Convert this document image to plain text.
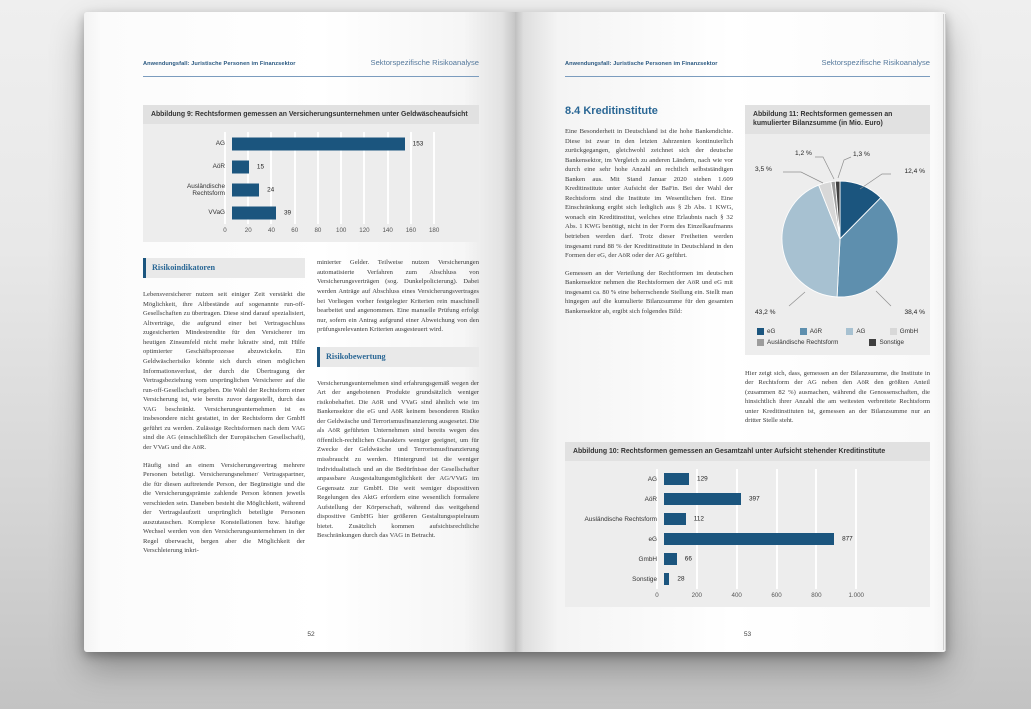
Anwendungsfall: Juristische Personen im Finanzsektor	Sektorspezifische Risikoanalyse
Abbildung 9: Rechtsformen gemessen an Versicherungsunternehmen unter Geldwäscheaufsicht
AG	153
AöR	15
Ausländische Rechtsform	24
VVaG	39
0	20	40	60	80 100 120 140 160 180
Risikoindikatoren

Lebensversicherer nutzen seit einiger Zeit verstärkt die Möglichkeit, ihre Altbestände auf sogenannte run-off-Gesellschaften zu übertragen. Diese sind darauf spezialisiert, Altverträge, die aufgrund einer bei Vertragsschluss zugesicherten Mindestrendite für den Versicherer im heutigen Zinsumfeld nicht mehr lukrativ sind, mit Hilfe optimierter Geschäftsprozesse abzuwickeln. Ein Geldwäscherisiko könnte sich durch einen möglichen Informationsverlust, der durch die Übertragung der Vertragsbeziehung vom ursprünglichen Versicherer auf die run-off-Gesellschaft ergeben. Die Wahl der Rechtsform einer Versicherung ist, wie bereits zuvor dargestellt, durch das VAG beschränkt. Versicherungsunternehmen ist es insbesondere nicht gestattet, in der Rechtsform der GmbH geführt zu werden. Zulässige Rechtsformen nach dem VAG sind die AG (einschließlich der Europäischen Gesellschaft), der VVaG und die AöR.

Häufig sind an einem Versicherungsvertrag mehrere Personen beteiligt. Versicherungsnehmer/ Vertragspartner, die für diesen auftretende Person, der Begünstigte und die die Versicherungsprämie zahlende Person können jeweils verschieden sein. Daneben besteht die Möglichkeit, während der Vertragslaufzeit ursprünglich beteiligte Personen auszutauschen. Komplexe Konstellationen bzw. häufige Wechsel werden von den Versicherungsunternehmen in der Regel überwacht, bergen aber die Möglichkeit der Verschleierung inkri-

minierter Gelder. Teilweise nutzen Versicherungen automatisierte Verfahren zum Abschluss von Versicherungsverträgen (sog. Dunkelpolicierung). Dabei werden Anträge auf Abschluss eines Versicherungsvertrages bei Vorliegen vorher festgelegter Kriterien rein maschinell bearbeitet und angenommen. Eine manuelle Prüfung erfolgt nur, sofern ein Antrag aufgrund einer Abweichung von den prüfungsrelevanten Kriterien ausgesteuert wird.

Risikobewertung

Versicherungsunternehmen sind erfahrungsgemäß wegen der Art der angebotenen Produkte grundsätzlich weniger risikobehaftet. Die AöR und VVaG sind ähnlich wie im Bankensektor die eG und AöR keinem besonderen Risiko der Geldwäsche und Terrorismusfinanzierung ausgesetzt. Die als AöR geführten Unternehmen sind bereits wegen des öffentlich-rechtlichen Charakters weniger geeignet, um für Zwecke der Geldwäsche und Terrorismusfinanzierung missbraucht zu werden. Hintergrund ist die weniger individualistisch und an die Bedürfnisse der Gesellschafter anpassbare Ausgestaltungsmöglichkeit der AG/VVaG im Gegensatz zur GmbH. Die weit weniger dispositiven Regelungen des AktG erfordern eine wesentlich formalere Aufstellung der Körperschaft, während das weitgehend dispositive GmbHG hier größeren Gestaltungsspielraum bietet. Zusätzlich kommen aufsichtsrechtliche Beschränkungen durch das VAG in Betracht.

52
Anwendungsfall: Juristische Personen im Finanzsektor	Sektorspezifische Risikoanalyse
8.4 Kreditinstitute

Eine Besonderheit in Deutschland ist die hohe Bankendichte. Diese ist zwar in den letzten Jahrzenten kontinuierlich zurückgegangen, gleichwohl zeichnet sich der deutsche Bankensektor, im Vergleich zu anderen Ländern, nach wie vor durch eine sehr hohe Anzahl an rechtlich selbstständigen Banken aus. Mit Stand Januar 2020 stehen 1.609 Kreditinstitute unter Aufsicht der BaFin. Bei der Wahl der Rechtsform sind die Institute im Wesentlichen frei. Eine Einschränkung ergibt sich lediglich aus § 2b Abs. 1 KWG, wonach ein Kreditinstitut, welches eine Erlaubnis nach § 32 Abs. 1 KWG benötigt, nicht in der Form des Einzelkaufmanns betrieben werden darf. Trotz dieser Freiheiten werden insgesamt rund 88 % der Kreditinstitute in Deutschland in den Formen der eG, der AöR oder der AG geführt.

Gemessen an der Verteilung der Rechtformen im deutschen Bankensektor nehmen die Rechtsformen der AöR und eG mit insgesamt ca. 80 % eine beherrschende Stellung ein. Stellt man hingegen auf die kumulierte Bilanzsumme für den gesamten Bankensektor ab, ergibt sich folgendes Bild:

Abbildung 11: Rechtsformen gemessen an kumulierter Bilanzsumme (in Mio. Euro)
12,4 %
38,4 %
43,2 %
3,5 %
1,2 %	1,3 %
eG	AöR	AG	GmbH
Ausländische Rechtsform	Sonstige

Hier zeigt sich, dass, gemessen an der Bilanzsumme, die Institute in der Rechtsform der AG neben den AöR den größten Anteil (zusammen 82 %) ausmachen, während die Genossenschaften, die hinsichtlich ihrer Anzahl die am weitesten verbreitete Rechtsform unter Kreditinstituten ist, gemessen an der Bilanzsumme nur an dritter Stelle steht.

Abbildung 10: Rechtsformen gemessen an Gesamtzahl unter Aufsicht stehender Kreditinstitute
AG	129
AöR	397
Ausländische Rechtsform	112
eG	877
GmbH	66
Sonstige	28
0	200	400	600	800	1.000
53
